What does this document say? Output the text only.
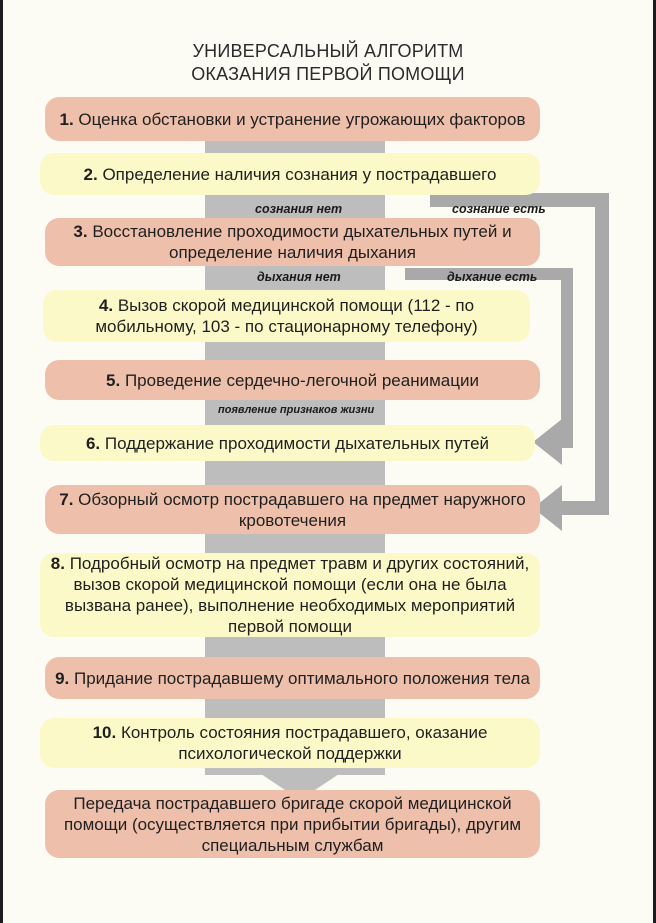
УНИВЕРСАЛЬНЫЙ АЛГОРИТМ
ОКАЗАНИЯ ПЕРВОЙ ПОМОЩИ
1. Оценка обстановки и устранение угрожающих факторов
2. Определение наличия сознания у пострадавшего
3. Восстановление проходимости дыхательных путей и определение наличия дыхания
4. Вызов скорой медицинской помощи (112 - по мобильному, 103 - по стационарному телефону)
5. Проведение сердечно-легочной реанимации
6. Поддержание проходимости дыхательных путей
7. Обзорный осмотр пострадавшего на предмет наружного кровотечения
8. Подробный осмотр на предмет травм и других состояний, вызов скорой медицинской помощи (если она не была вызвана ранее), выполнение необходимых мероприятий первой помощи
9. Придание пострадавшему оптимального положения тела
10. Контроль состояния пострадавшего, оказание психологической поддержки
Передача пострадавшего бригаде скорой медицинской помощи (осуществляется при прибытии бригады), другим специальным службам
сознания нет	сознание есть
дыхания нет	дыхание есть
появление признаков жизни
